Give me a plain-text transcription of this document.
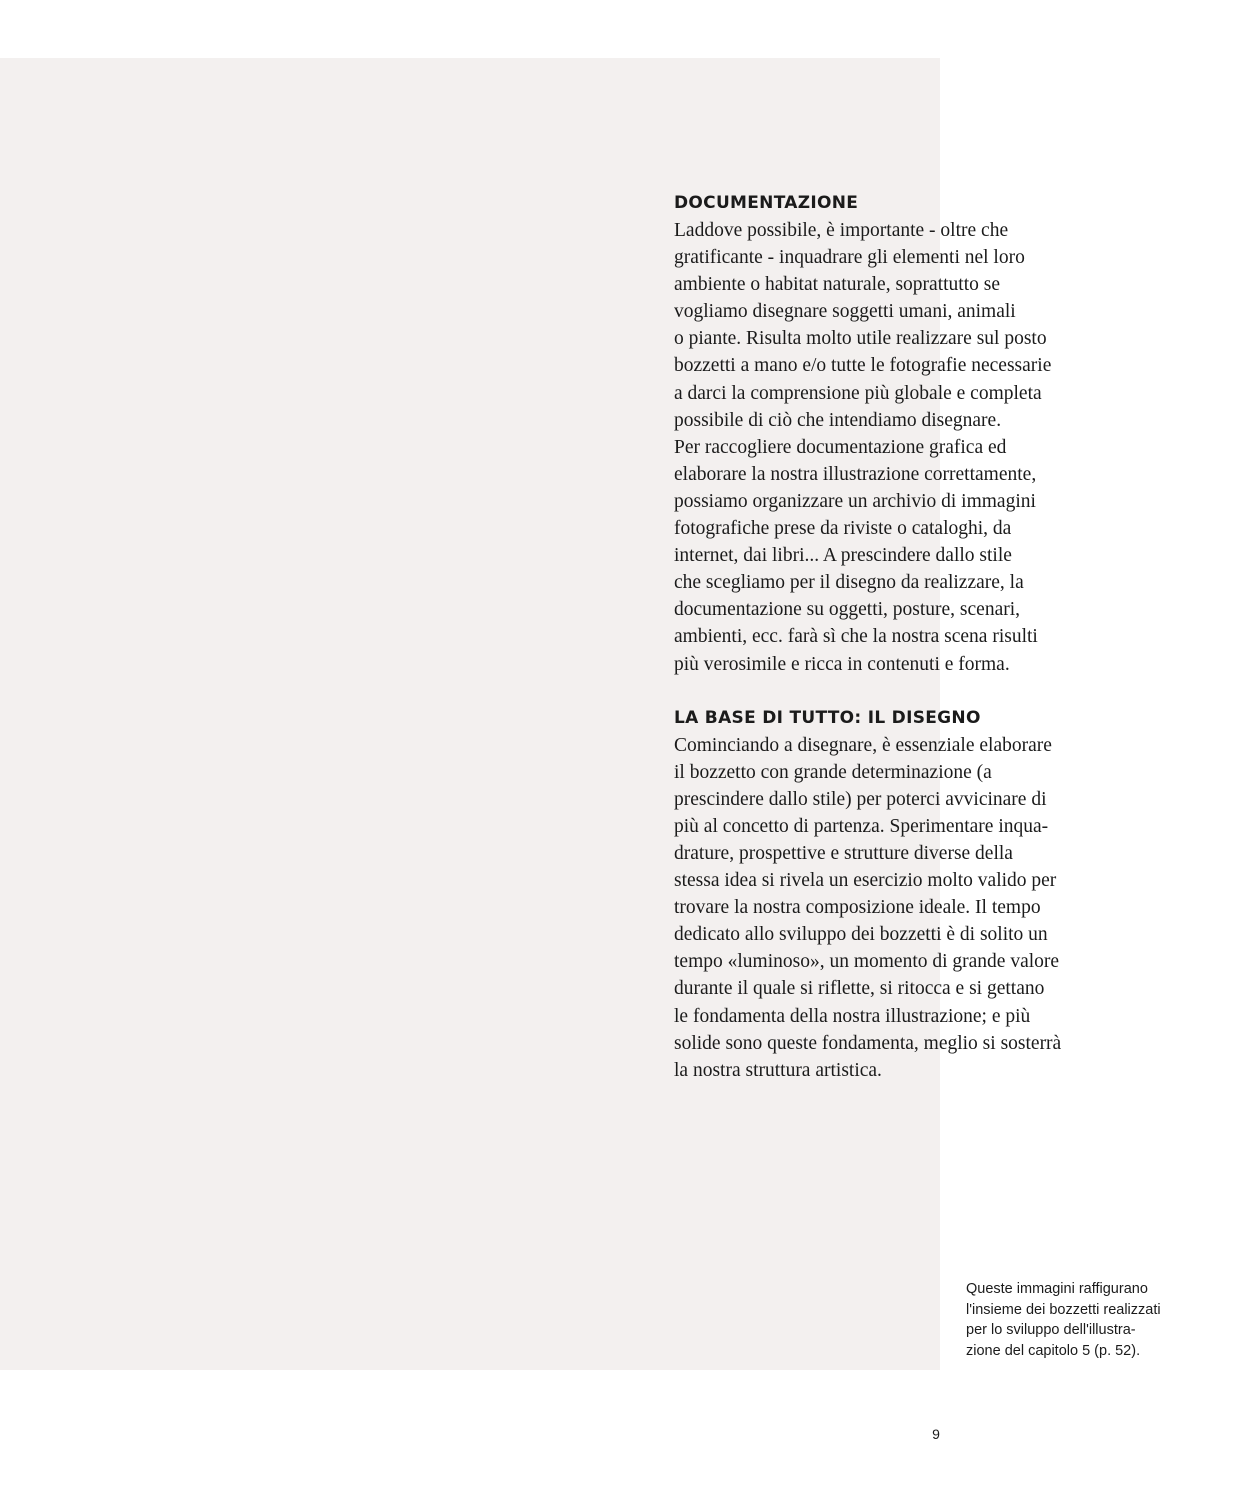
DOCUMENTAZIONE

Laddove possibile, è importante - oltre che
gratificante - inquadrare gli elementi nel loro
ambiente o habitat naturale, soprattutto se
vogliamo disegnare soggetti umani, animali
o piante. Risulta molto utile realizzare sul posto
bozzetti a mano e/o tutte le fotografie necessarie
a darci la comprensione più globale e completa
possibile di ciò che intendiamo disegnare.
Per raccogliere documentazione grafica ed
elaborare la nostra illustrazione correttamente,
possiamo organizzare un archivio di immagini
fotografiche prese da riviste o cataloghi, da
internet, dai libri... A prescindere dallo stile
che scegliamo per il disegno da realizzare, la
documentazione su oggetti, posture, scenari,
ambienti, ecc. farà sì che la nostra scena risulti
più verosimile e ricca in contenuti e forma.

LA BASE DI TUTTO: IL DISEGNO

Cominciando a disegnare, è essenziale elaborare
il bozzetto con grande determinazione (a
prescindere dallo stile) per poterci avvicinare di
più al concetto di partenza. Sperimentare inqua-
drature, prospettive e strutture diverse della
stessa idea si rivela un esercizio molto valido per
trovare la nostra composizione ideale. Il tempo
dedicato allo sviluppo dei bozzetti è di solito un
tempo «luminoso», un momento di grande valore
durante il quale si riflette, si ritocca e si gettano
le fondamenta della nostra illustrazione; e più
solide sono queste fondamenta, meglio si sosterrà
la nostra struttura artistica.

Queste immagini raffigurano
l'insieme dei bozzetti realizzati
per lo sviluppo dell'illustra-
zione del capitolo 5 (p. 52).
9
